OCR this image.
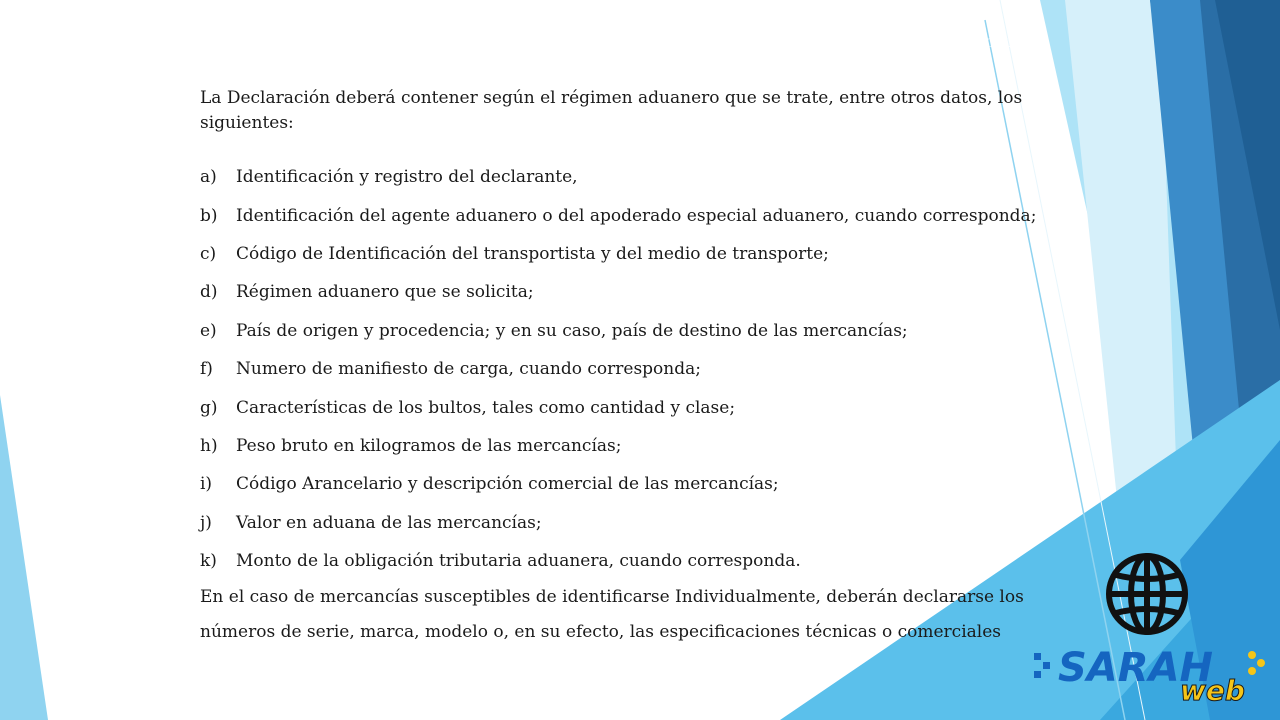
CAUCA)

La Declaración deberá contener según el régimen aduanero que se trate, entre otros datos, los siguientes:

a)	Identificación y registro del declarante,
b)	Identificación del agente aduanero o del apoderado especial aduanero, cuando corresponda;
c)	Código de Identificación del transportista y del medio de transporte;
d)	Régimen aduanero que se solicita;
e)	País de origen y procedencia; y en su caso, país de destino de las mercancías;
f)	Numero de manifiesto de carga, cuando corresponda;
g)	Características de los bultos, tales como cantidad y clase;
h)	Peso bruto en kilogramos de las mercancías;
i)	Código Arancelario y descripción comercial de las mercancías;
j)	Valor en aduana de las mercancías;
k)	Monto de la obligación tributaria aduanera, cuando corresponda.

En el caso de mercancías susceptibles de identificarse Individualmente, deberán declararse los

números de serie, marca, modelo o, en su efecto, las especificaciones técnicas o comerciales

SARAH
web
